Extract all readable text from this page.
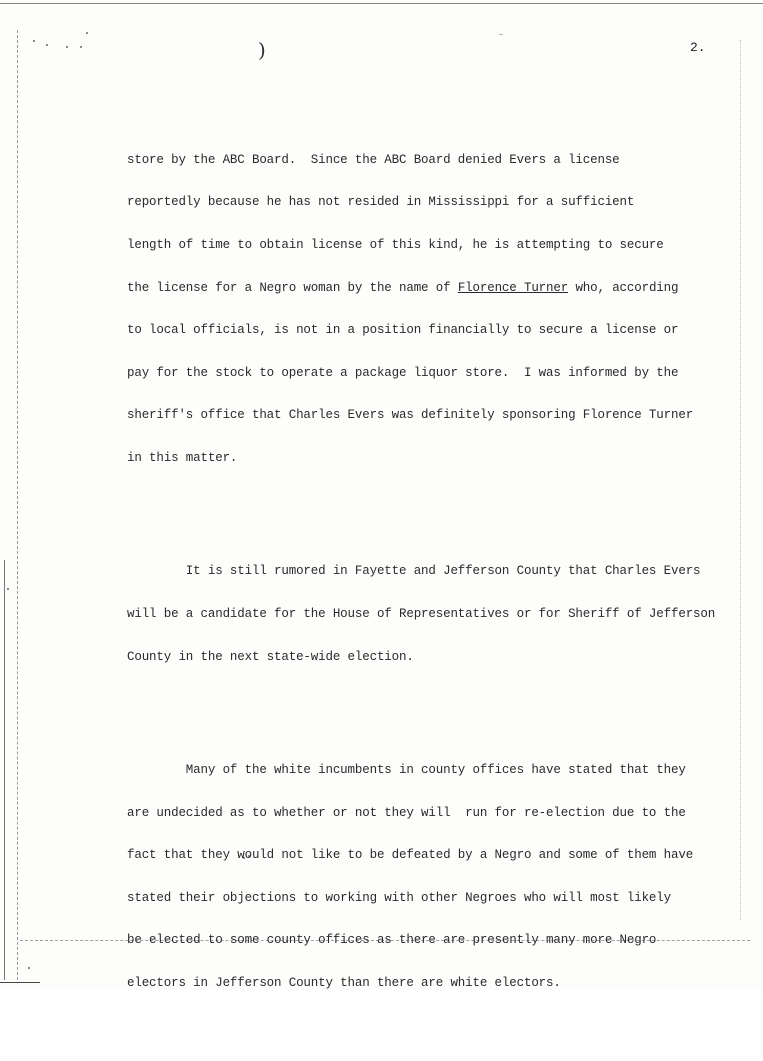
)	⁻
2.

store by the ABC Board.  Since the ABC Board denied Evers a license

reportedly because he has not resided in Mississippi for a sufficient

length of time to obtain license of this kind, he is attempting to secure

the license for a Negro woman by the name of Florence Turner who, according

to local officials, is not in a position financially to secure a license or

pay for the stock to operate a package liquor store.  I was informed by the

sheriff's office that Charles Evers was definitely sponsoring Florence Turner

in this matter.

It is still rumored in Fayette and Jefferson County that Charles Evers

will be a candidate for the House of Representatives or for Sheriff of Jefferson

County in the next state-wide election.

Many of the white incumbents in county offices have stated that they

are undecided as to whether or not they will  run for re-election due to the

fact that they would not like to be defeated by a Negro and some of them have

stated their objections to working with other Negroes who will most likely

be elected to some county offices as there are presently many more Negro

electors in Jefferson County than there are white electors.
